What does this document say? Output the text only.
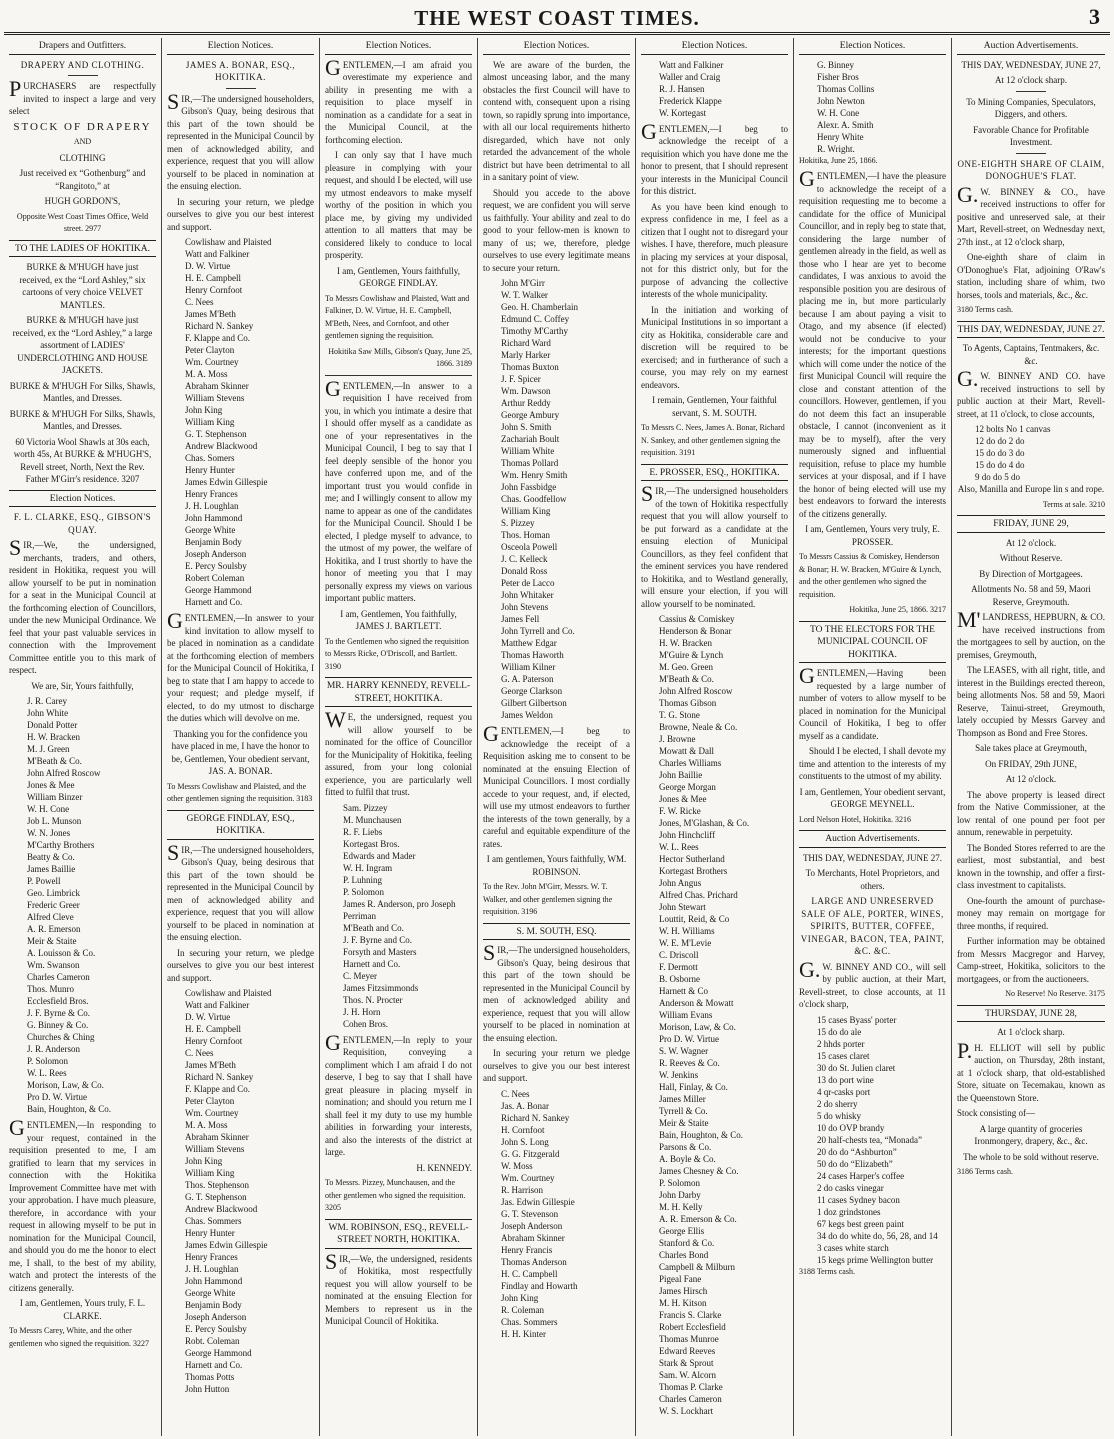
THE WEST COAST TIMES.	3
Drapers and Outfitters.

DRAPERY AND CLOTHING.

PURCHASERS are respectfully invited to inspect a large and very select

STOCK OF DRAPERY

AND

CLOTHING

Just received ex “Gothenburg” and “Rangitoto,” at

HUGH GORDON'S,

Opposite West Coast Times Office, Weld street. 2977

TO THE LADIES OF HOKITIKA.

BURKE & M'HUGH have just received, ex the “Lord Ashley,” six cartoons of very choice VELVET MANTLES.

BURKE & M'HUGH have just received, ex the “Lord Ashley,” a large assortment of LADIES' UNDERCLOTHING AND HOUSE JACKETS.

BURKE & M'HUGH For Silks, Shawls, Mantles, and Dresses.

BURKE & M'HUGH For Silks, Shawls, Mantles, and Dresses.

60 Victoria Wool Shawls at 30s each, worth 45s, At BURKE & M'HUGH'S, Revell street, North, Next the Rev. Father M'Girr's residence. 3207

Election Notices.

F. L. CLARKE, ESQ., GIBSON'S QUAY.

SIR,—We, the undersigned, merchants, traders, and others, resident in Hokitika, request you will allow yourself to be put in nomination for a seat in the Municipal Council at the forthcoming election of Councillors, under the new Municipal Ordinance. We feel that your past valuable services in connection with the Improvement Committee entitle you to this mark of respect.

We are, Sir, Yours faithfully,

J. R. Carey
John White
Donald Potter
H. W. Bracken
M. J. Green
M'Beath & Co.
John Alfred Roscow
Jones & Mee
William Binzer
W. H. Cone
Job L. Munson
W. N. Jones
M'Carthy Brothers
Beatty & Co.
James Baillie
P. Powell
Geo. Limbrick
Frederic Greer
Alfred Cleve
A. R. Emerson
Meir & Staite
A. Louisson & Co.
Wm. Swanson
Charles Cameron
Thos. Munro
Ecclesfield Bros.
J. F. Byrne & Co.
G. Binney & Co.
Churches & Ching
J. R. Anderson
P. Solomon
W. L. Rees
Morison, Law, & Co.
Pro D. W. Virtue
Bain, Houghton, & Co.

GENTLEMEN,—In responding to your request, contained in the requisition presented to me, I am gratified to learn that my services in connection with the Hokitika Improvement Committee have met with your approbation. I have much pleasure, therefore, in accordance with your request in allowing myself to be put in nomination for the Municipal Council, and should you do me the honor to elect me, I shall, to the best of my ability, watch and protect the interests of the citizens generally.

I am, Gentlemen, Yours truly, F. L. CLARKE.

To Messrs Carey, White, and the other gentlemen who signed the requisition. 3227

Election Notices.

JAMES A. BONAR, ESQ., HOKITIKA.

SIR,—The undersigned householders, Gibson's Quay, being desirous that this part of the town should be represented in the Municipal Council by men of acknowledged ability, and experience, request that you will allow yourself to be placed in nomination at the ensuing election.

In securing your return, we pledge ourselves to give you our best interest and support.

Cowlishaw and Plaisted
Watt and Falkiner
D. W. Virtue
H. E. Campbell
Henry Cornfoot
C. Nees
James M'Beth
Richard N. Sankey
F. Klappe and Co.
Peter Clayton
Wm. Courtney
M. A. Moss
Abraham Skinner
William Stevens
John King
William King
G. T. Stephenson
Andrew Blackwood
Chas. Somers
Henry Hunter
James Edwin Gillespie
Henry Frances
J. H. Loughlan
John Hammond
George White
Benjamin Body
Joseph Anderson
E. Percy Soulsby
Robert Coleman
George Hammond
Harnett and Co.

GENTLEMEN,—In answer to your kind invitation to allow myself to be placed in nomination as a candidate at the forthcoming election of members for the Municipal Council of Hokitika, I beg to state that I am happy to accede to your request; and pledge myself, if elected, to do my utmost to discharge the duties which will devolve on me.

Thanking you for the confidence you have placed in me, I have the honor to be, Gentlemen, Your obedient servant, JAS. A. BONAR.

To Messrs Cowlishaw and Plaisted, and the other gentlemen signing the requisition. 3183

GEORGE FINDLAY, ESQ., HOKITIKA.

SIR,—The undersigned householders, Gibson's Quay, being desirous that this part of the town should be represented in the Municipal Council by men of acknowledged ability and experience, request that you will allow yourself to be placed in nomination at the ensuing election.

In securing your return, we pledge ourselves to give you our best interest and support.

Cowlishaw and Plaisted
Watt and Falkiner
D. W. Virtue
H. E. Campbell
Henry Cornfoot
C. Nees
James M'Beth
Richard N. Sankey
F. Klappe and Co.
Peter Clayton
Wm. Courtney
M. A. Moss
Abraham Skinner
William Stevens
John King
William King
Thos. Stephenson
G. T. Stephenson
Andrew Blackwood
Chas. Sommers
Henry Hunter
James Edwin Gillespie
Henry Frances
J. H. Loughlan
John Hammond
George White
Benjamin Body
Joseph Anderson
E. Percy Soulsby
Robt. Coleman
George Hammond
Harnett and Co.
Thomas Potts
John Hutton
Election Notices.

GENTLEMEN,—I am afraid you overestimate my experience and ability in presenting me with a requisition to place myself in nomination as a candidate for a seat in the Municipal Council, at the forthcoming election.

I can only say that I have much pleasure in complying with your request, and should I be elected, will use my utmost endeavors to make myself worthy of the position in which you place me, by giving my undivided attention to all matters that may be considered likely to conduce to local prosperity.

I am, Gentlemen, Yours faithfully, GEORGE FINDLAY.

To Messrs Cowlishaw and Plaisted, Watt and Falkiner, D. W. Virtue, H. E. Campbell, M'Beth, Nees, and Cornfoot, and other gentlemen signing the requisition.

Hokitika Saw Mills, Gibson's Quay, June 25, 1866. 3189

GENTLEMEN,—In answer to a requisition I have received from you, in which you intimate a desire that I should offer myself as a candidate as one of your representatives in the Municipal Council, I beg to say that I feel deeply sensible of the honor you have conferred upon me, and of the important trust you would confide in me; and I willingly consent to allow my name to appear as one of the candidates for the Municipal Council. Should I be elected, I pledge myself to advance, to the utmost of my power, the welfare of Hokitika, and I trust shortly to have the honor of meeting you that I may personally express my views on various important public matters.

I am, Gentlemen, You faithfully, JAMES J. BARTLETT.

To the Gentlemen who signed the requisition to Messrs Ricke, O'Driscoll, and Bartlett. 3190

MR. HARRY KENNEDY, REVELL-STREET, HOKITIKA.

WE, the undersigned, request you will allow yourself to be nominated for the office of Councillor for the Municipality of Hokitika, feeling assured, from your long colonial experience, you are particularly well fitted to fulfil that trust.

Sam. Pizzey
M. Munchausen
R. F. Liebs
Kortegast Bros.
Edwards and Mader
W. H. Ingram
P. Luhning
P. Solomon
James R. Anderson, pro Joseph Perriman
M'Beath and Co.
J. F. Byrne and Co.
Forsyth and Masters
Harnett and Co.
C. Meyer
James Fitzsimmonds
Thos. N. Procter
J. H. Horn
Cohen Bros.

GENTLEMEN,—In reply to your Requisition, conveying a compliment which I am afraid I do not deserve, I beg to say that I shall have great pleasure in placing myself in nomination; and should you return me I shall feel it my duty to use my humble abilities in forwarding your interests, and also the interests of the district at large.

H. KENNEDY.

To Messrs. Pizzey, Munchausen, and the other gentlemen who signed the requisition. 3205

WM. ROBINSON, ESQ., REVELL-STREET NORTH, HOKITIKA.

SIR,—We, the undersigned, residents of Hokitika, most respectfully request you will allow yourself to be nominated at the ensuing Election for Members to represent us in the Municipal Council of Hokitika.

Election Notices.

We are aware of the burden, the almost unceasing labor, and the many obstacles the first Council will have to contend with, consequent upon a rising town, so rapidly sprung into importance, with all our local requirements hitherto disregarded, which have not only retarded the advancement of the whole district but have been detrimental to all in a sanitary point of view.

Should you accede to the above request, we are confident you will serve us faithfully. Your ability and zeal to do good to your fellow-men is known to many of us; we, therefore, pledge ourselves to use every legitimate means to secure your return.

John M'Girr
W. T. Walker
Geo. H. Chamberlain
Edmund C. Coffey
Timothy M'Carthy
Richard Ward
Marly Harker
Thomas Buxton
J. F. Spicer
Wm. Dawson
Arthur Reddy
George Ambury
John S. Smith
Zachariah Boult
William White
Thomas Pollard
Wm. Henry Smith
John Fassbidge
Chas. Goodfellow
William King
S. Pizzey
Thos. Homan
Osceola Powell
J. C. Kelleck
Donald Ross
Peter de Lacco
John Whitaker
John Stevens
James Fell
John Tyrrell and Co.
Matthew Edgar
Thomas Haworth
William Kilner
G. A. Paterson
George Clarkson
Gilbert Gilbertson
James Weldon

GENTLEMEN,—I beg to acknowledge the receipt of a Requisition asking me to consent to be nominated at the ensuing Election of Municipal Councillors. I most cordially accede to your request, and, if elected, will use my utmost endeavors to further the interests of the town generally, by a careful and equitable expenditure of the rates.

I am gentlemen, Yours faithfully, WM. ROBINSON.

To the Rev. John M'Girr, Messrs. W. T. Walker, and other gentlemen signing the requisition. 3196

S. M. SOUTH, ESQ.

SIR,—The undersigned householders, Gibson's Quay, being desirous that this part of the town should be represented in the Municipal Council by men of acknowledged ability and experience, request that you will allow yourself to be placed in nomination at the ensuing election.

In securing your return we pledge ourselves to give you our best interest and support.

C. Nees
Jas. A. Bonar
Richard N. Sankey
H. Cornfoot
John S. Long
G. G. Fitzgerald
W. Moss
Wm. Courtney
R. Harrison
Jas. Edwin Gillespie
G. T. Stevenson
Joseph Anderson
Abraham Skinner
Henry Francis
Thomas Anderson
H. C. Campbell
Findlay and Howarth
John King
R. Coleman
Chas. Sommers
H. H. Kinter
Election Notices.
Watt and Falkiner
Waller and Craig
R. J. Hansen
Frederick Klappe
W. Kortegast

GENTLEMEN,—I beg to acknowledge the receipt of a requisition which you have done me the honor to present, that I should represent your interests in the Municipal Council for this district.

As you have been kind enough to express confidence in me, I feel as a citizen that I ought not to disregard your wishes. I have, therefore, much pleasure in placing my services at your disposal, not for this district only, but for the purpose of advancing the collective interests of the whole municipality.

In the initiation and working of Municipal Institutions in so important a city as Hokitika, considerable care and discretion will be required to be exercised; and in furtherance of such a course, you may rely on my earnest endeavors.

I remain, Gentlemen, Your faithful servant, S. M. SOUTH.

To Messrs C. Nees, James A. Bonar, Richard N. Sankey, and other gentlemen signing the requisition. 3191

E. PROSSER, ESQ., HOKITIKA.

SIR,—The undersigned householders of the town of Hokitika respectfully request that you will allow yourself to be put forward as a candidate at the ensuing election of Municipal Councillors, as they feel confident that the eminent services you have rendered to Hokitika, and to Westland generally, will ensure your election, if you will allow yourself to be nominated.

Cassius & Comiskey
Henderson & Bonar
H. W. Bracken
M'Guire & Lynch
M. Geo. Green
M'Beath & Co.
John Alfred Roscow
Thomas Gibson
T. G. Stone
Browne, Neale & Co.
J. Browne
Mowatt & Dall
Charles Williams
John Baillie
George Morgan
Jones & Mee
F. W. Ricke
Jones, M'Glashan, & Co.
John Hinchcliff
W. L. Rees
Hector Sutherland
Kortegast Brothers
John Angus
Alfred Chas. Prichard
John Stewart
Louttit, Reid, & Co
W. H. Williams
W. E. M'Levie
C. Driscoll
F. Dermott
B. Osborne
Harnett & Co
Anderson & Mowatt
William Evans
Morison, Law, & Co.
Pro D. W. Virtue
S. W. Wagner
R. Reeves & Co.
W. Jenkins
Hall, Finlay, & Co.
James Miller
Tyrrell & Co.
Meir & Staite
Bain, Houghton, & Co.
Parsons & Co.
A. Boyle & Co.
James Chesney & Co.
P. Solomon
John Darby
M. H. Kelly
A. R. Emerson & Co.
George Ellis
Stanford & Co.
Charles Bond
Campbell & Milburn
Pigeal Fane
James Hirsch
M. H. Kitson
Francis S. Clarke
Robert Ecclesfield
Thomas Munroe
Edward Reeves
Stark & Sprout
Sam. W. Alcorn
Thomas P. Clarke
Charles Cameron
W. S. Lockhart
Election Notices.
G. Binney
Fisher Bros
Thomas Collins
John Newton
W. H. Cone
Alexr. A. Smith
Henry White
R. Wright.

Hokitika, June 25, 1866.

GENTLEMEN,—I have the pleasure to acknowledge the receipt of a requisition requesting me to become a candidate for the office of Municipal Councillor, and in reply beg to state that, considering the large number of gentlemen already in the field, as well as those who I hear are yet to become candidates, I was anxious to avoid the responsible position you are desirous of placing me in, but more particularly because I am about paying a visit to Otago, and my absence (if elected) would not be conducive to your interests; for the important questions which will come under the notice of the first Municipal Council will require the close and constant attention of the councillors. However, gentlemen, if you do not deem this fact an insuperable obstacle, I cannot (inconvenient as it may be to myself), after the very numerously signed and influential requisition, refuse to place my humble services at your disposal, and if I have the honor of being elected will use my best endeavors to forward the interests of the citizens generally.

I am, Gentlemen, Yours very truly, E. PROSSER.

To Messrs Cassius & Comiskey, Henderson & Bonar; H. W. Bracken, M'Guire & Lynch, and the other gentlemen who signed the requisition.

Hokitika, June 25, 1866. 3217

TO THE ELECTORS FOR THE MUNICIPAL COUNCIL OF HOKITIKA.

GENTLEMEN,—Having been requested by a large number of number of voters to allow myself to be placed in nomination for the Municipal Council of Hokitika, I beg to offer myself as a candidate.

Should I be elected, I shall devote my time and attention to the interests of my constituents to the utmost of my ability.

I am, Gentlemen, Your obedient servant, GEORGE MEYNELL.

Lord Nelson Hotel, Hokitika. 3216

Auction Advertisements.

THIS DAY, WEDNESDAY, JUNE 27.

To Merchants, Hotel Proprietors, and others.

LARGE AND UNRESERVED SALE OF ALE, PORTER, WINES, SPIRITS, BUTTER, COFFEE, VINEGAR, BACON, TEA, PAINT, &C. &C.

G.W. BINNEY AND CO., will sell by public auction, at their Mart, Revell-street, to close accounts, at 11 o'clock sharp,

15 cases Byass' porter
15 do do ale
2 hhds porter
15 cases claret
30 do St. Julien claret
13 do port wine
4 qr-casks port
2 do sherry
5 do whisky
10 do OVP brandy
20 half-chests tea, “Monada”
20 do do “Ashburton”
50 do do “Elizabeth”
24 cases Harper's coffee
2 do casks vinegar
11 cases Sydney bacon
1 doz grindstones
67 kegs best green paint
34 do do white do, 56, 28, and 14
3 cases white starch
15 kegs prime Wellington butter

3188 Terms cash.

Auction Advertisements.

THIS DAY, WEDNESDAY, JUNE 27,

At 12 o'clock sharp.

To Mining Companies, Speculators, Diggers, and others.

Favorable Chance for Profitable Investment.

ONE-EIGHTH SHARE OF CLAIM, DONOGHUE'S FLAT.

G.W. BINNEY & CO., have received instructions to offer for positive and unreserved sale, at their Mart, Revell-street, on Wednesday next, 27th inst., at 12 o'clock sharp,

One-eighth share of claim in O'Donoghue's Flat, adjoining O'Raw's station, including share of whim, two horses, tools and materials, &c., &c.

3180 Terms cash.

THIS DAY, WEDNESDAY, JUNE 27.

To Agents, Captains, Tentmakers, &c. &c.

G.W. BINNEY AND CO. have received instructions to sell by public auction at their Mart, Revell-street, at 11 o'clock, to close accounts,

12 bolts No 1 canvas
12 do do 2 do
15 do do 3 do
15 do do 4 do
9 do do 5 do

Also, Manilla and Europe lin s and rope.

Terms at sale. 3210

FRIDAY, JUNE 29,

At 12 o'clock.

Without Reserve.

By Direction of Mortgagees.

Allotments No. 58 and 59, Maori Reserve, Greymouth.

M'LANDRESS, HEPBURN, & CO. have received instructions from the mortgagees to sell by auction, on the premises, Greymouth,

The LEASES, with all right, title, and interest in the Buildings erected thereon, being allotments Nos. 58 and 59, Maori Reserve, Tainui-street, Greymouth, lately occupied by Messrs Garvey and Thompson as Bond and Free Stores.

Sale takes place at Greymouth,

On FRIDAY, 29th JUNE,

At 12 o'clock.

The above property is leased direct from the Native Commissioner, at the low rental of one pound per foot per annum, renewable in perpetuity.

The Bonded Stores referred to are the earliest, most substantial, and best known in the township, and offer a first-class investment to capitalists.

One-fourth the amount of purchase-money may remain on mortgage for three months, if required.

Further information may be obtained from Messrs Macgregor and Harvey, Camp-street, Hokitika, solicitors to the mortgagees, or from the auctioneers.

No Reserve! No Reserve. 3175

THURSDAY, JUNE 28,

At 1 o'clock sharp.

P.H. ELLIOT will sell by public auction, on Thursday, 28th instant, at 1 o'clock sharp, that old-established Store, situate on Tecemakau, known as the Queenstown Store.

Stock consisting of—

A large quantity of groceries Ironmongery, drapery, &c., &c.

The whole to be sold without reserve.

3186 Terms cash.
